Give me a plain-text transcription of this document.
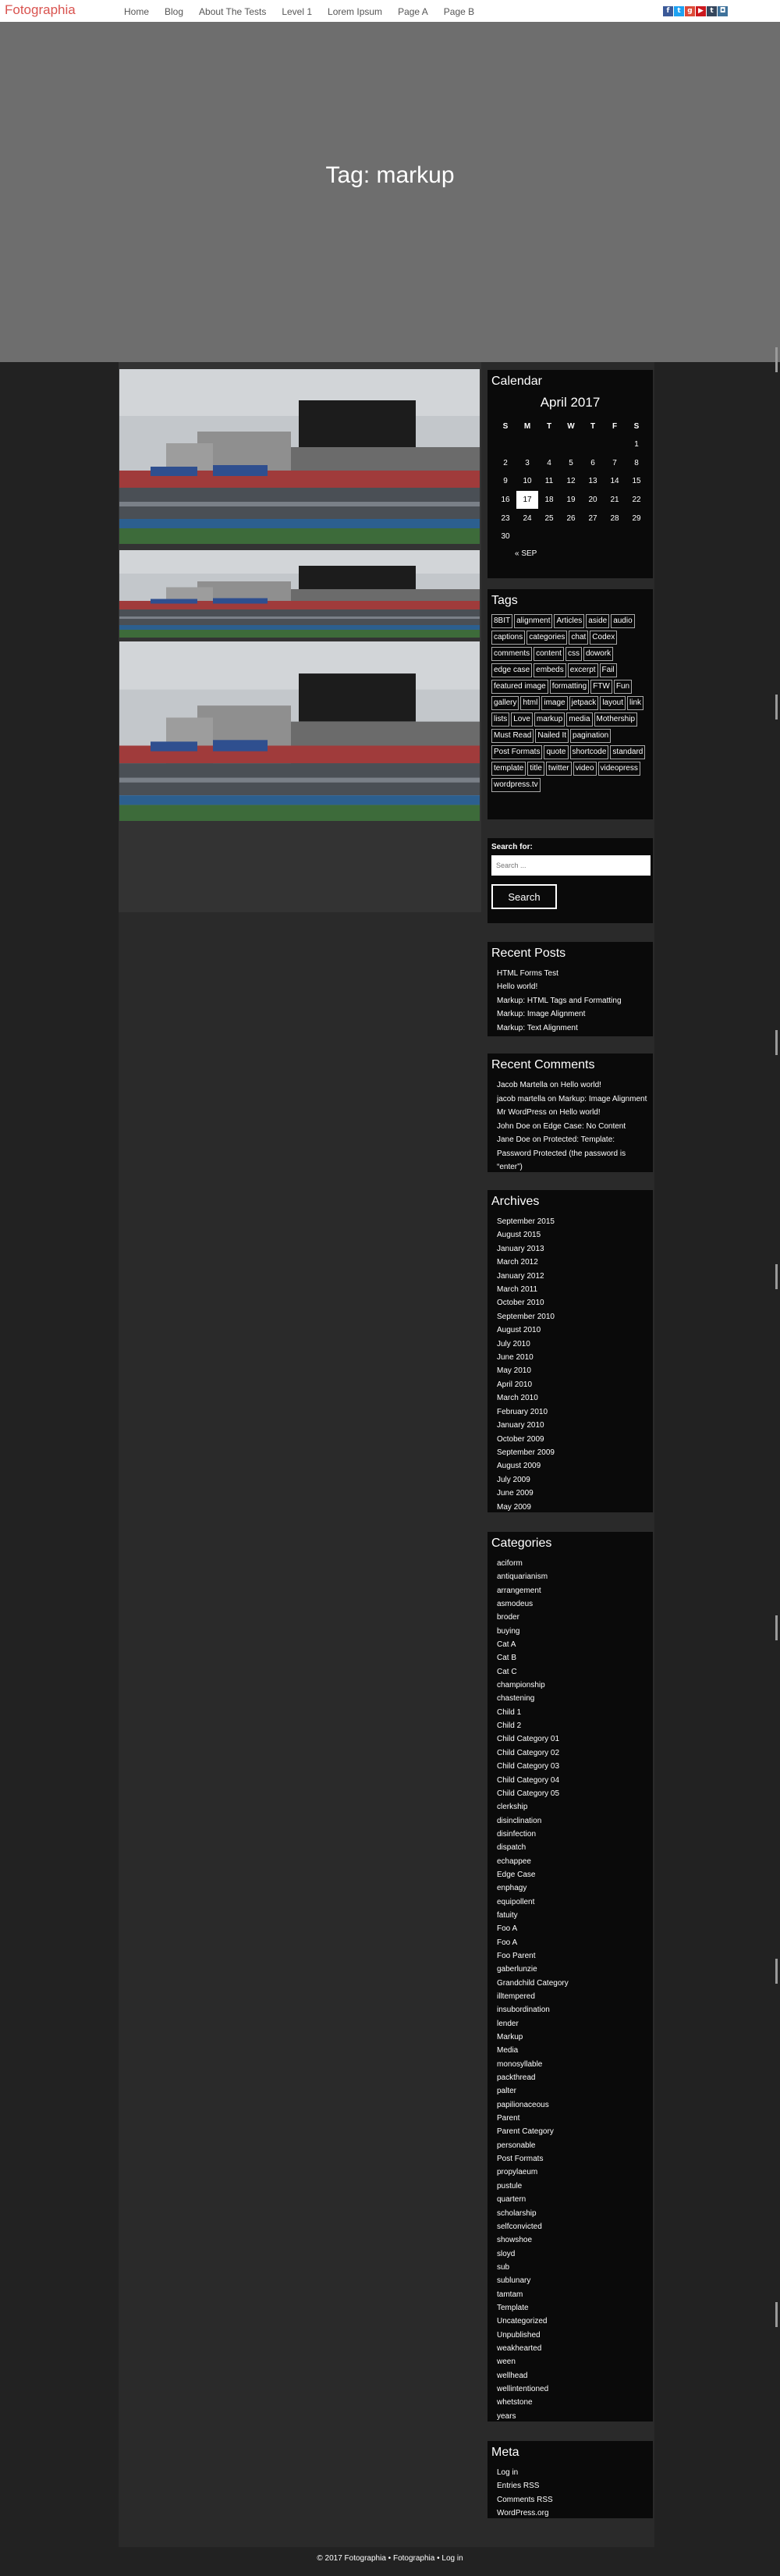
Fotographia	Home Blog About The Tests Level 1 Lorem Ipsum Page A Page B	f	t g ▶ t ◘
Tag: markup
Calendar
April 2017
S	M	T	W	T	F	S
						1
2	3	4	5	6	7	8
9	10	11	12	13	14	15
16	17	18	19	20	21	22
23	24	25	26	27	28	29
30						
« SEP
Tags
8BIT alignment Articles aside audio
captions categories chat Codex
comments content css dowork
edge case embeds excerpt Fail
featured image formatting FTW Fun
gallery html image jetpack layout link
lists Love markup media Mothership
Must Read Nailed It pagination
Post Formats quote shortcode standard
template title twitter video videopress
wordpress.tv
Search for:
Search ... Search
Recent Posts
HTML Forms Test
Hello world!
Markup: HTML Tags and Formatting
Markup: Image Alignment
Markup: Text Alignment
Recent Comments
Jacob Martella on Hello world!
jacob martella on Markup: Image Alignment
Mr WordPress on Hello world!
John Doe on Edge Case: No Content
Jane Doe on Protected: Template: Password Protected (the password is “enter”)
Archives
September 2015
August 2015
January 2013
March 2012
January 2012
March 2011
October 2010
September 2010
August 2010
July 2010
June 2010
May 2010
April 2010
March 2010
February 2010
January 2010
October 2009
September 2009
August 2009
July 2009
June 2009
May 2009
Categories
aciform
antiquarianism
arrangement
asmodeus
broder
buying
Cat A
Cat B
Cat C
championship
chastening
Child 1
Child 2
Child Category 01
Child Category 02
Child Category 03
Child Category 04
Child Category 05
clerkship
disinclination
disinfection
dispatch
echappee
Edge Case
enphagy
equipollent
fatuity
Foo A
Foo A
Foo Parent
gaberlunzie
Grandchild Category
illtempered
insubordination
lender
Markup
Media
monosyllable
packthread
palter
papilionaceous
Parent
Parent Category
personable
Post Formats
propylaeum
pustule
quartern
scholarship
selfconvicted
showshoe
sloyd
sub
sublunary
tamtam
Template
Uncategorized
Unpublished
weakhearted
ween
wellhead
wellintentioned
whetstone
years
Meta
Log in
Entries RSS
Comments RSS
WordPress.org
© 2017 Fotographia • Fotographia • Log in
